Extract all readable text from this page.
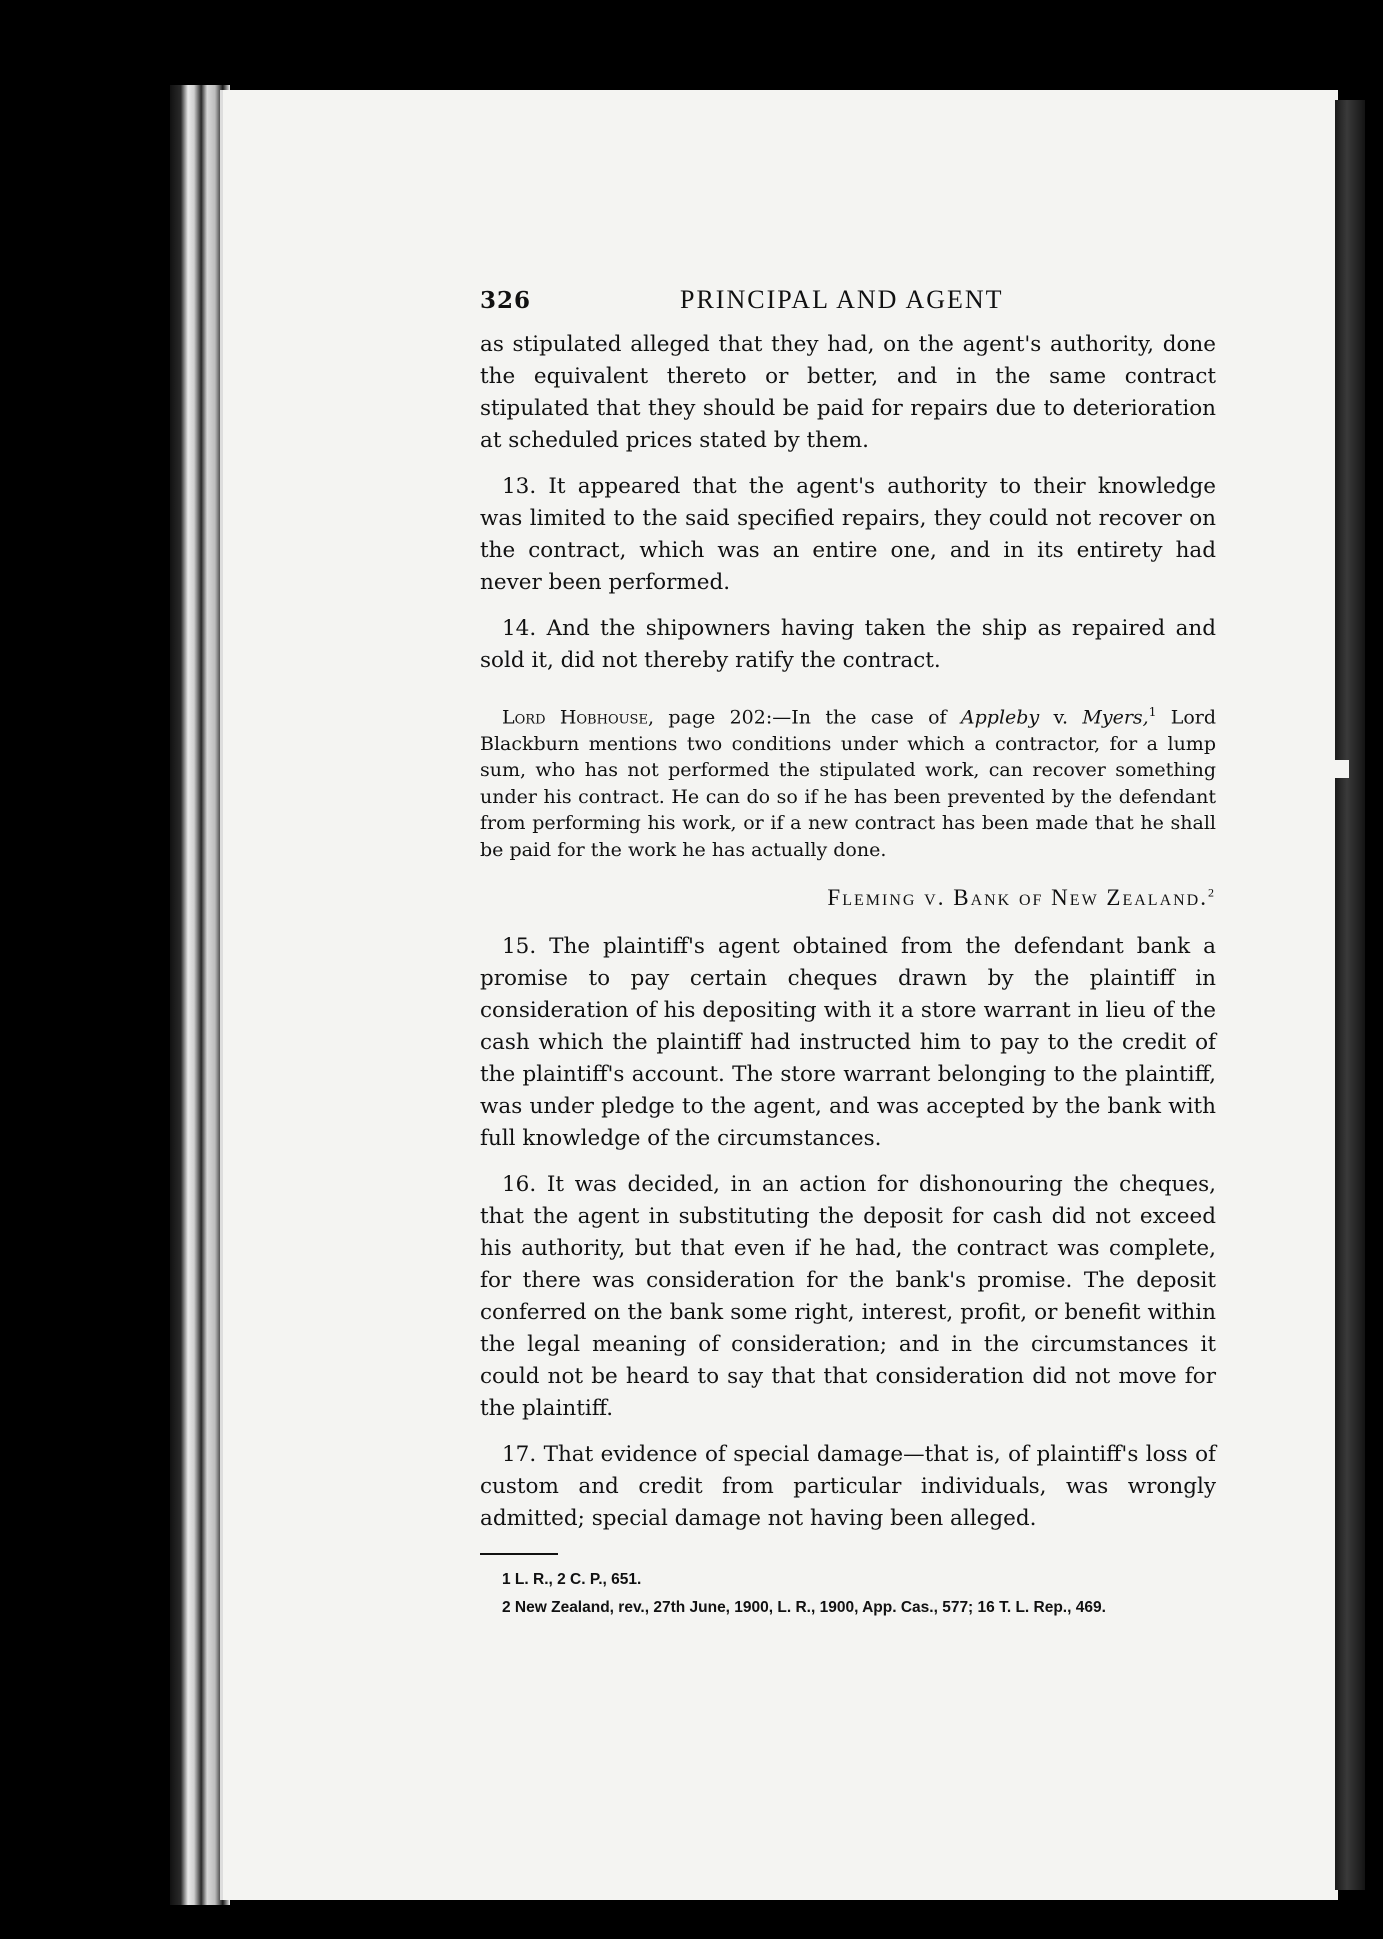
326	PRINCIPAL AND AGENT

as stipulated alleged that they had, on the agent's authority, done the equivalent thereto or better, and in the same contract stipulated that they should be paid for repairs due to deterioration at scheduled prices stated by them.

13. It appeared that the agent's authority to their knowledge was limited to the said specified repairs, they could not recover on the contract, which was an entire one, and in its entirety had never been performed.

14. And the shipowners having taken the ship as repaired and sold it, did not thereby ratify the contract.

Lord Hobhouse, page 202:—In the case of Appleby v. Myers,$^1$ Lord Blackburn mentions two conditions under which a contractor, for a lump sum, who has not performed the stipulated work, can recover something under his contract. He can do so if he has been prevented by the defendant from performing his work, or if a new contract has been made that he shall be paid for the work he has actually done.

Fleming v. Bank of New Zealand.$^2$

15. The plaintiff's agent obtained from the defendant bank a promise to pay certain cheques drawn by the plaintiff in consideration of his depositing with it a store warrant in lieu of the cash which the plaintiff had instructed him to pay to the credit of the plaintiff's account. The store warrant belonging to the plaintiff, was under pledge to the agent, and was accepted by the bank with full knowledge of the circumstances.

16. It was decided, in an action for dishonouring the cheques, that the agent in substituting the deposit for cash did not exceed his authority, but that even if he had, the contract was complete, for there was consideration for the bank's promise. The deposit conferred on the bank some right, interest, profit, or benefit within the legal meaning of consideration; and in the circumstances it could not be heard to say that that consideration did not move for the plaintiff.

17. That evidence of special damage—that is, of plaintiff's loss of custom and credit from particular individuals, was wrongly admitted; special damage not having been alleged.

1 L. R., 2 C. P., 651.

2 New Zealand, rev., 27th June, 1900, L. R., 1900, App. Cas., 577; 16 T. L. Rep., 469.
